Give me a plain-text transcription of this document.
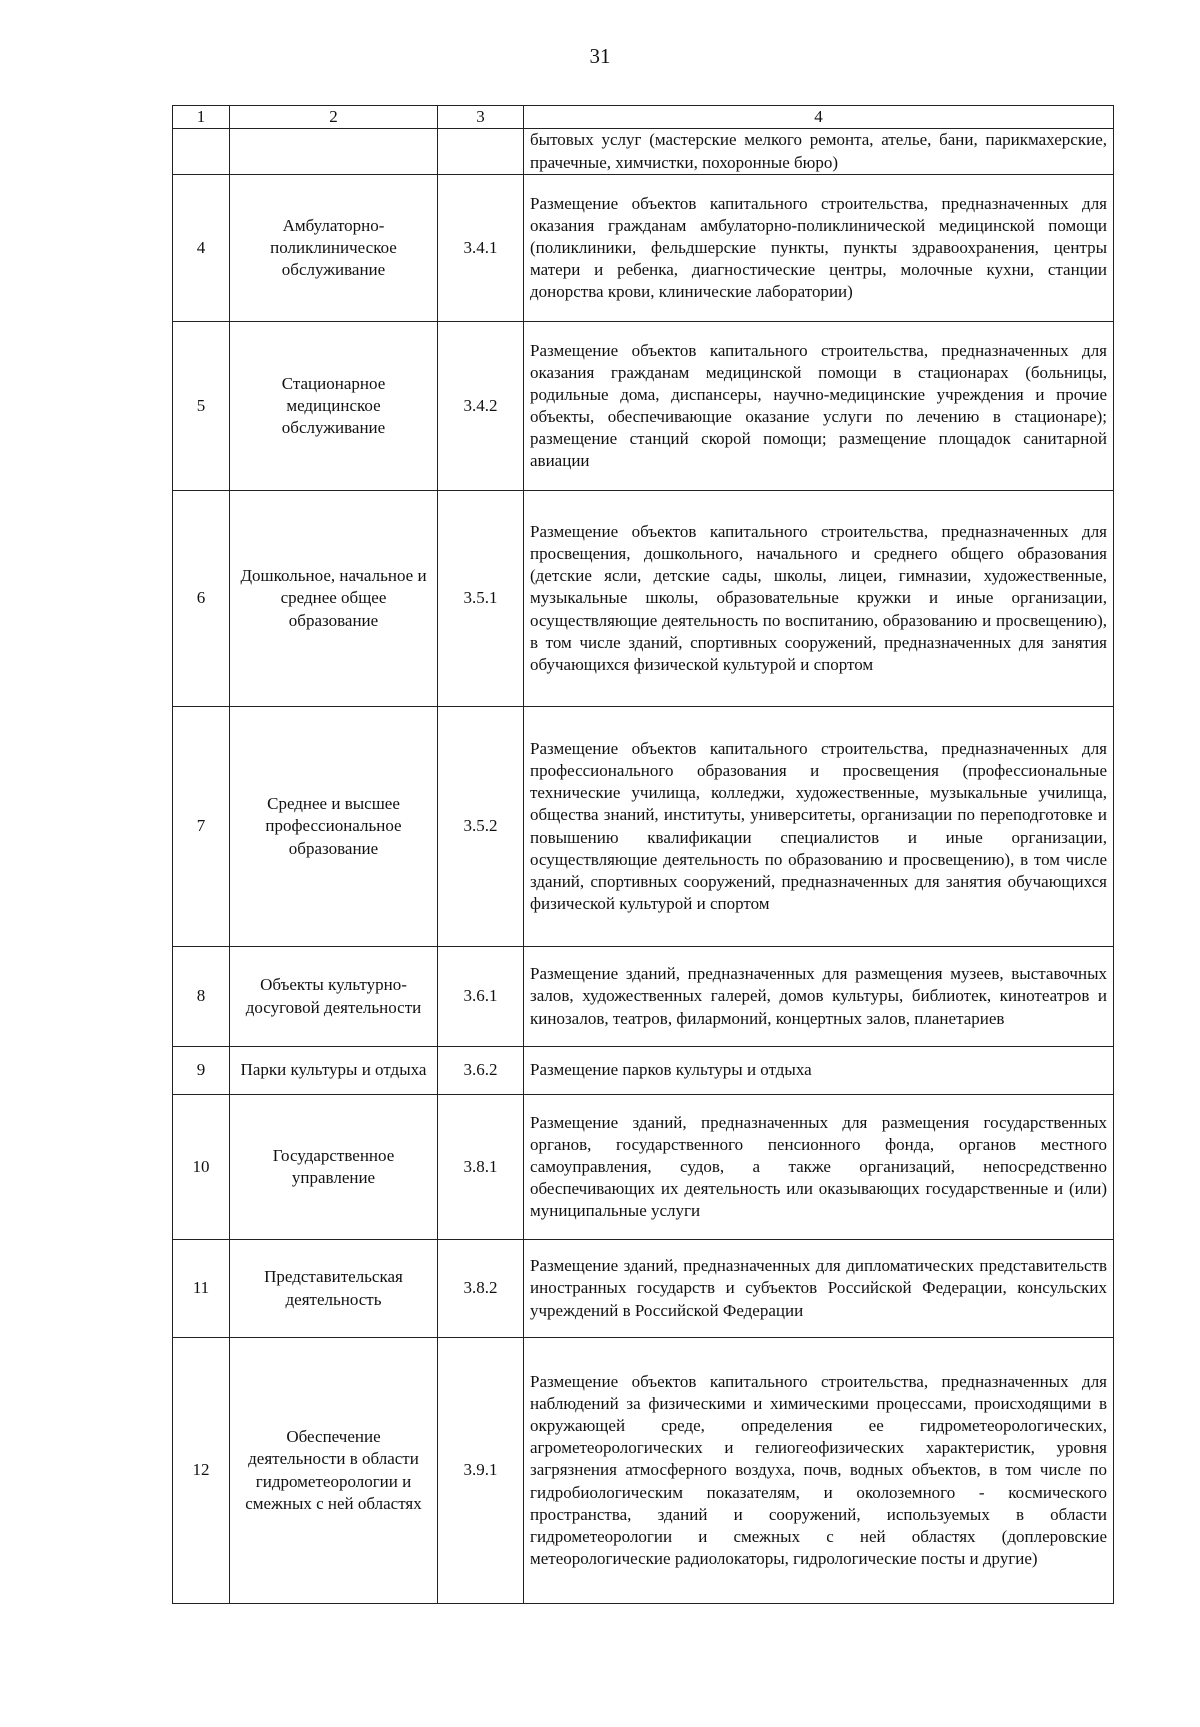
31
1	2	3	4
			бытовых услуг (мастерские мелкого ремонта, ателье, бани, парикмахерские, прачечные, химчистки, похоронные бюро)
4	Амбулаторно-поликлиническое обслуживание	3.4.1	Размещение объектов капитального строительства, предназначенных для оказания гражданам амбулаторно-поликлинической медицинской помощи (поликлиники, фельдшерские пункты, пункты здравоохранения, центры матери и ребенка, диагностические центры, молочные кухни, станции донорства крови, клинические лаборатории)
5	Стационарное медицинское обслуживание	3.4.2	Размещение объектов капитального строительства, предназначенных для оказания гражданам медицинской помощи в стационарах (больницы, родильные дома, диспансеры, научно-медицинские учреждения и прочие объекты, обеспечивающие оказание услуги по лечению в стационаре); размещение станций скорой помощи; размещение площадок санитарной авиации
6	Дошкольное, начальное и среднее общее образование	3.5.1	Размещение объектов капитального строительства, предназначенных для просвещения, дошкольного, начального и среднего общего образования (детские ясли, детские сады, школы, лицеи, гимназии, художественные, музыкальные школы, образовательные кружки и иные организации, осуществляющие деятельность по воспитанию, образованию и просвещению), в том числе зданий, спортивных сооружений, предназначенных для занятия обучающихся физической культурой и спортом
7	Среднее и высшее профессиональное образование	3.5.2	Размещение объектов капитального строительства, предназначенных для профессионального образования и просвещения (профессиональные технические училища, колледжи, художественные, музыкальные училища, общества знаний, институты, университеты, организации по переподготовке и повышению квалификации специалистов и иные организации, осуществляющие деятельность по образованию и просвещению), в том числе зданий, спортивных сооружений, предназначенных для занятия обучающихся физической культурой и спортом
8	Объекты культурно-досуговой деятельности	3.6.1	Размещение зданий, предназначенных для размещения музеев, выставочных залов, художественных галерей, домов культуры, библиотек, кинотеатров и кинозалов, театров, филармоний, концертных залов, планетариев
9	Парки культуры и отдыха	3.6.2	Размещение парков культуры и отдыха
10	Государственное управление	3.8.1	Размещение зданий, предназначенных для размещения государственных органов, государственного пенсионного фонда, органов местного самоуправления, судов, а также организаций, непосредственно обеспечивающих их деятельность или оказывающих государственные и (или) муниципальные услуги
11	Представительская деятельность	3.8.2	Размещение зданий, предназначенных для дипломатических представительств иностранных государств и субъектов Российской Федерации, консульских учреждений в Российской Федерации
12	Обеспечение деятельности в области гидрометеорологии и смежных с ней областях	3.9.1	Размещение объектов капитального строительства, предназначенных для наблюдений за физическими и химическими процессами, происходящими в окружающей среде, определения ее гидрометеорологических, агрометеорологических и гелиогеофизических характеристик, уровня загрязнения атмосферного воздуха, почв, водных объектов, в том числе по гидробиологическим показателям, и околоземного - космического пространства, зданий и сооружений, используемых в области гидрометеорологии и смежных с ней областях (доплеровские метеорологические радиолокаторы, гидрологические посты и другие)
